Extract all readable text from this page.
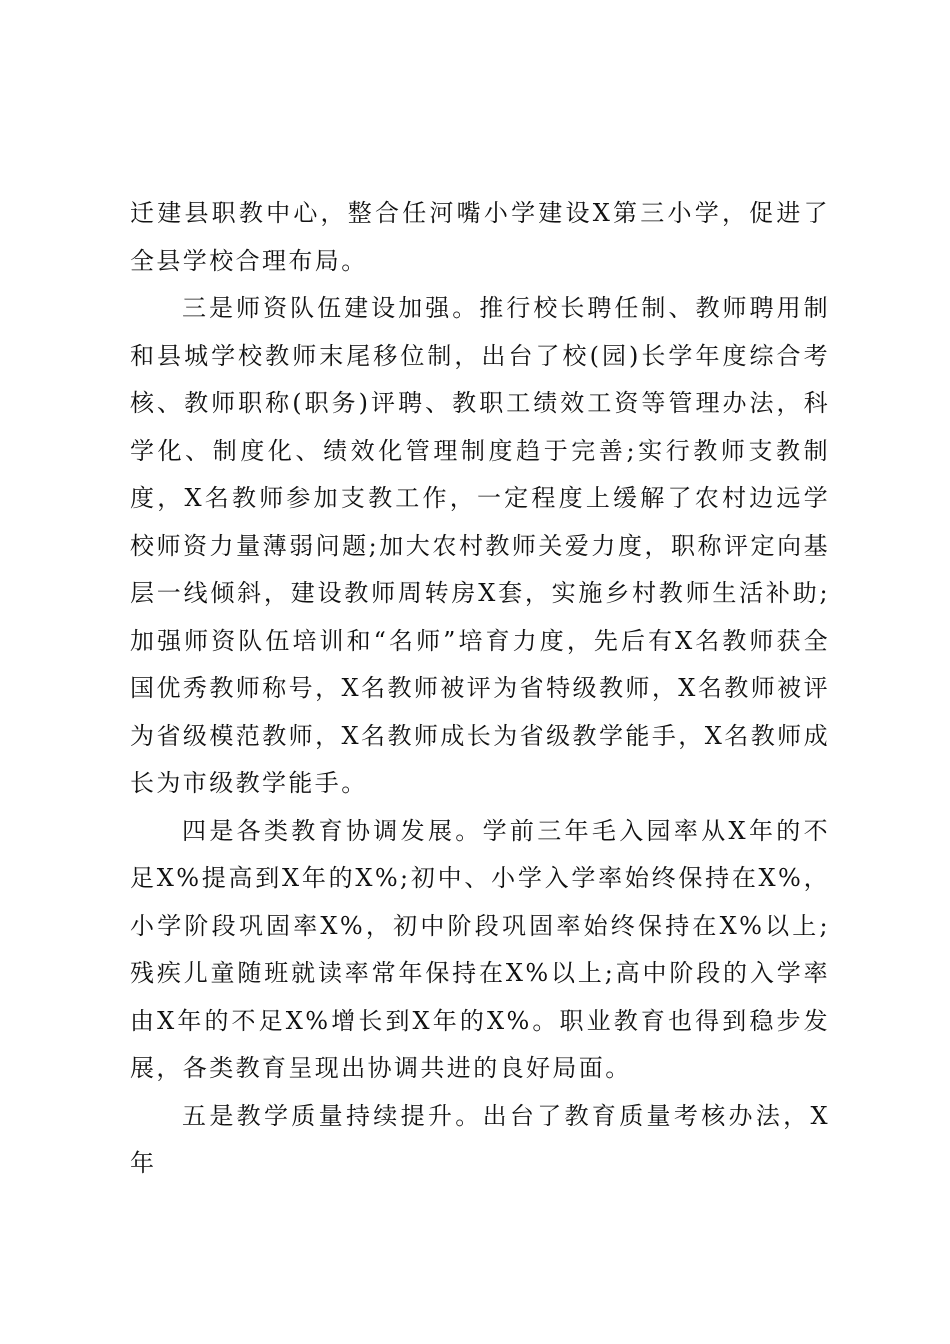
迁建县职教中心，整合任河嘴小学建设X第三小学，促进了全县学校合理布局。

三是师资队伍建设加强。推行校长聘任制、教师聘用制和县城学校教师末尾移位制，出台了校(园)长学年度综合考核、教师职称(职务)评聘、教职工绩效工资等管理办法，科学化、制度化、绩效化管理制度趋于完善;实行教师支教制度，X名教师参加支教工作，一定程度上缓解了农村边远学校师资力量薄弱问题;加大农村教师关爱力度，职称评定向基层一线倾斜，建设教师周转房X套，实施乡村教师生活补助;加强师资队伍培训和“名师”培育力度，先后有X名教师获全国优秀教师称号，X名教师被评为省特级教师，X名教师被评为省级模范教师，X名教师成长为省级教学能手，X名教师成长为市级教学能手。

四是各类教育协调发展。学前三年毛入园率从X年的不足X%提高到X年的X%;初中、小学入学率始终保持在X%，小学阶段巩固率X%，初中阶段巩固率始终保持在X%以上;残疾儿童随班就读率常年保持在X%以上;高中阶段的入学率由X年的不足X%增长到X年的X%。职业教育也得到稳步发展，各类教育呈现出协调共进的良好局面。

五是教学质量持续提升。出台了教育质量考核办法，X年
